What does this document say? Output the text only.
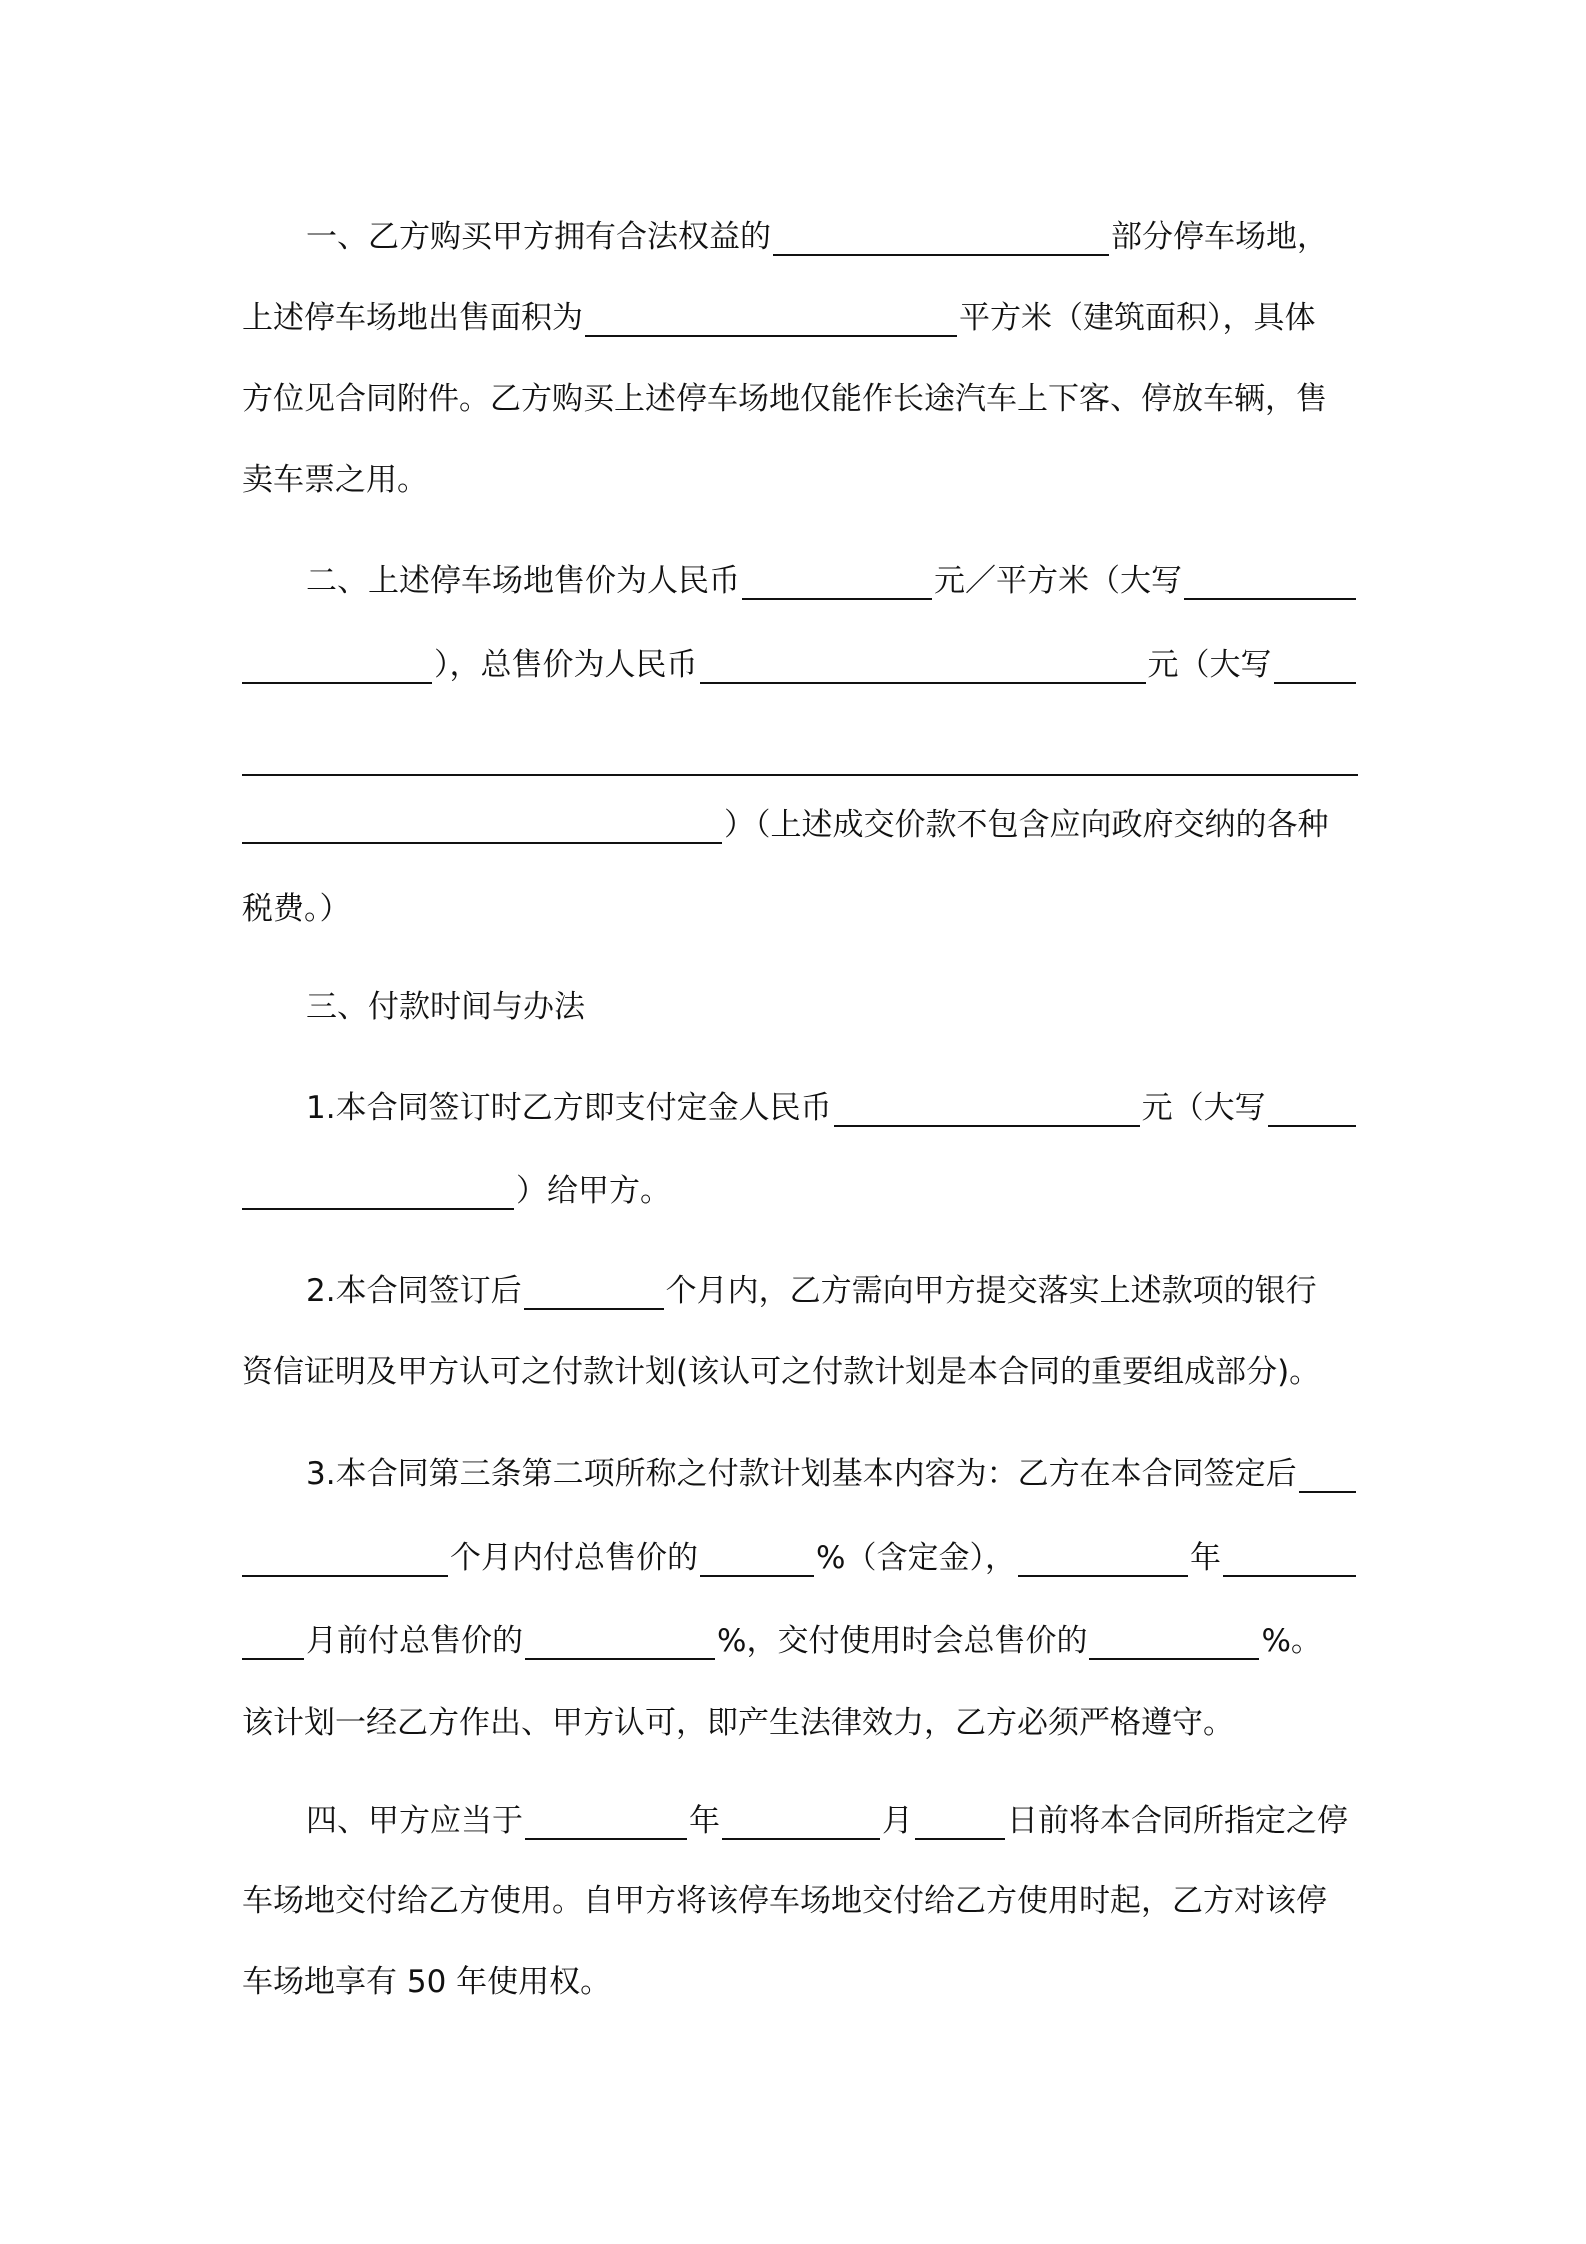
一、乙方购买甲方拥有合法权益的	部分停车场地，
上述停车场地出售面积为	平方米（建筑面积），具体
方位见合同附件。乙方购买上述停车场地仅能作长途汽车上下客、停放车辆，售
卖车票之用。
二、上述停车场地售价为人民币	元／平方米（大写
），总售价为人民币	元（大写
）（上述成交价款不包含应向政府交纳的各种
税费。）
三、付款时间与办法
1.本合同签订时乙方即支付定金人民币	元（大写
）给甲方。
2.本合同签订后	个月内，乙方需向甲方提交落实上述款项的银行
资信证明及甲方认可之付款计划(该认可之付款计划是本合同的重要组成部分)。
3.本合同第三条第二项所称之付款计划基本内容为：乙方在本合同签定后
个月内付总售价的	%（含定金），	年
月前付总售价的	%，交付使用时会总售价的	%。
该计划一经乙方作出、甲方认可，即产生法律效力，乙方必须严格遵守。
四、甲方应当于	年	月	日前将本合同所指定之停
车场地交付给乙方使用。自甲方将该停车场地交付给乙方使用时起，乙方对该停
车场地享有 50 年使用权。
